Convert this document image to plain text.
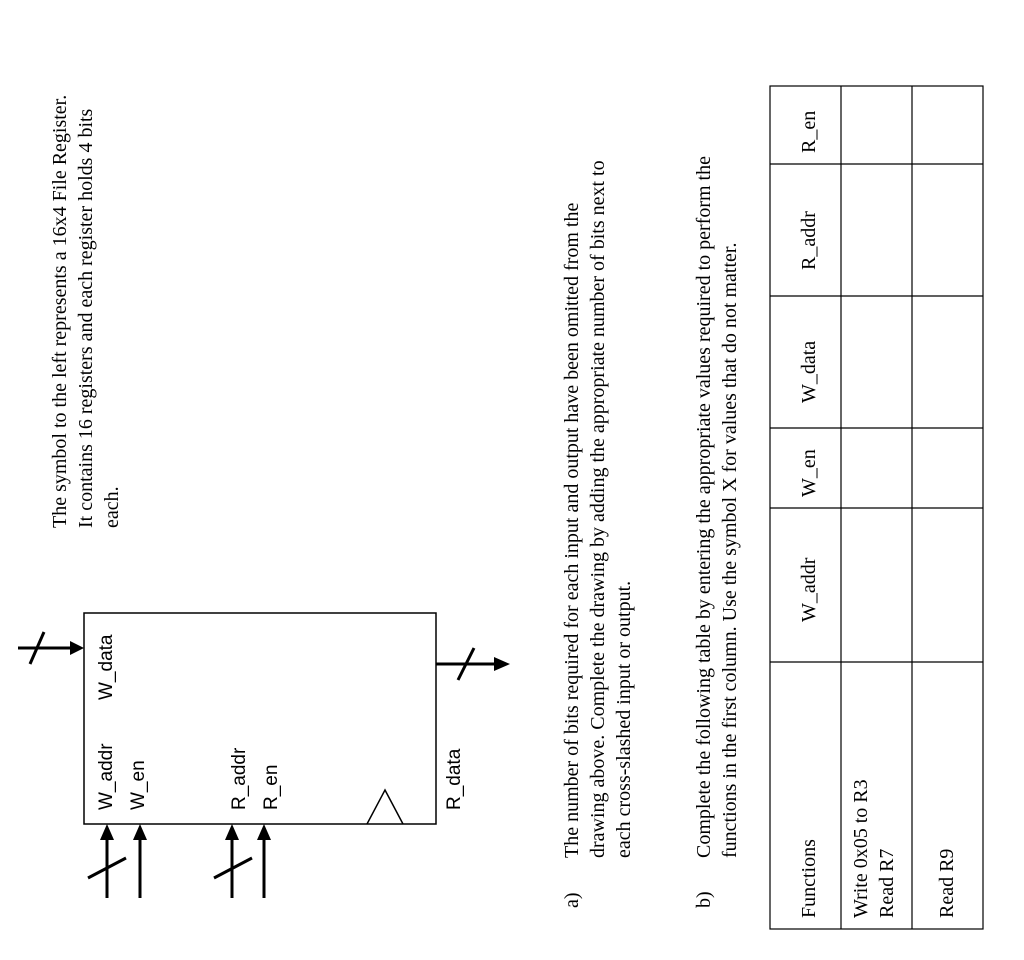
The symbol to the left represents a 16x4 File Register. It contains 16 registers and each register holds 4 bits each.
W_data
W_addr W_en	R_addr R_en	R_data
a)
The number of bits required for each input and output have been omitted from the drawing above. Complete the drawing by adding the appropriate number of bits next to each cross-slashed input or output.
b)
Complete the following table by entering the appropriate values required to perform the functions in the first column. Use the symbol X for values that do not matter.
Functions
W_addr
W_en
W_data
R_addr
R_en
Write 0x05 to R3 Read R7 Read R9
